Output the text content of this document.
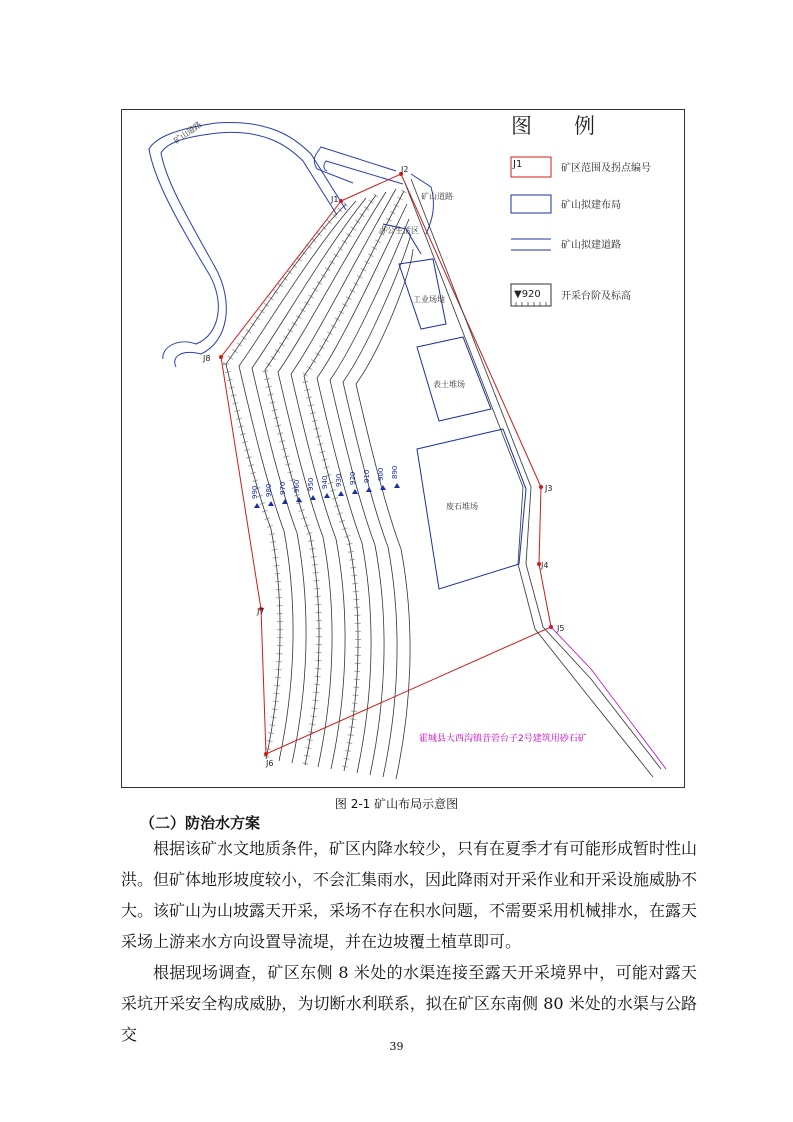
J1
J2
J3
J4
J5
J6
J7
J8
办公生活区
工业场地
表土堆场
废石堆场
矿山道路
矿山道路
990 980 970 960 950 940 930 920 910 900 890
霍城县大西沟镇昔菪台子2号建筑用砂石矿
图　　例
J1	矿区范围及拐点编号
矿山拟建布局
矿山拟建道路
▼920 开采台阶及标高
图 2-1 矿山布局示意图
（二）防治水方案

根据该矿水文地质条件，矿区内降水较少，只有在夏季才有可能形成暂时性山洪。但矿体地形坡度较小，不会汇集雨水，因此降雨对开采作业和开采设施威胁不大。该矿山为山坡露天开采，采场不存在积水问题，不需要采用机械排水，在露天采场上游来水方向设置导流堤，并在边坡覆土植草即可。

根据现场调查，矿区东侧 8 米处的水渠连接至露天开采境界中，可能对露天采坑开采安全构成威胁，为切断水利联系，拟在矿区东南侧 80 米处的水渠与公路交

39
